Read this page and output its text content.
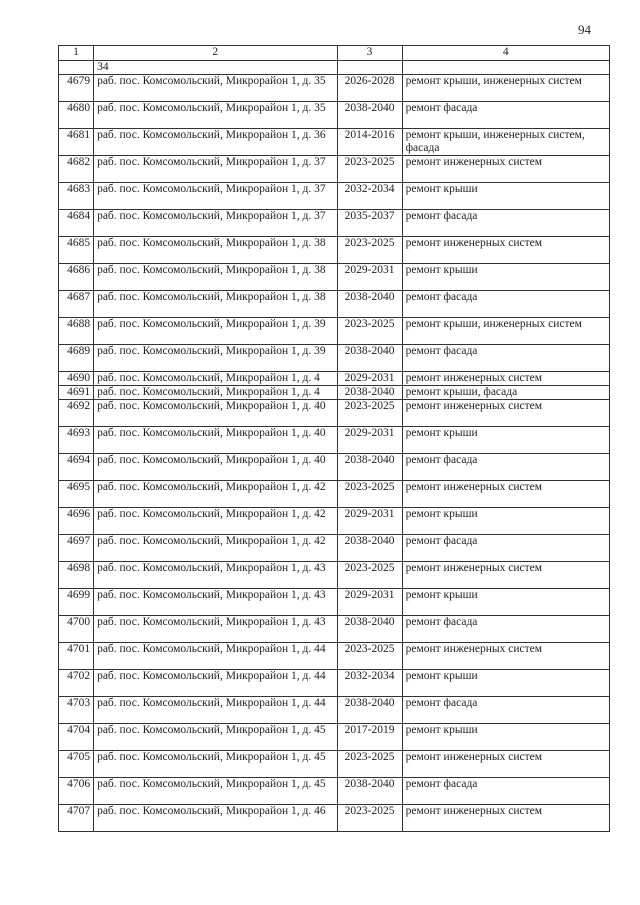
94
1	2	3	4
	34		
4679	раб. пос. Комсомольский, Микрорайон 1, д. 35	2026-2028	ремонт крыши, инженерных систем
4680	раб. пос. Комсомольский, Микрорайон 1, д. 35	2038-2040	ремонт фасада
4681	раб. пос. Комсомольский, Микрорайон 1, д. 36	2014-2016	ремонт крыши, инженерных систем, фасада
4682	раб. пос. Комсомольский, Микрорайон 1, д. 37	2023-2025	ремонт инженерных систем
4683	раб. пос. Комсомольский, Микрорайон 1, д. 37	2032-2034	ремонт крыши
4684	раб. пос. Комсомольский, Микрорайон 1, д. 37	2035-2037	ремонт фасада
4685	раб. пос. Комсомольский, Микрорайон 1, д. 38	2023-2025	ремонт инженерных систем
4686	раб. пос. Комсомольский, Микрорайон 1, д. 38	2029-2031	ремонт крыши
4687	раб. пос. Комсомольский, Микрорайон 1, д. 38	2038-2040	ремонт фасада
4688	раб. пос. Комсомольский, Микрорайон 1, д. 39	2023-2025	ремонт крыши, инженерных систем
4689	раб. пос. Комсомольский, Микрорайон 1, д. 39	2038-2040	ремонт фасада
4690	раб. пос. Комсомольский, Микрорайон 1, д. 4	2029-2031	ремонт инженерных систем
4691	раб. пос. Комсомольский, Микрорайон 1, д. 4	2038-2040	ремонт крыши, фасада
4692	раб. пос. Комсомольский, Микрорайон 1, д. 40	2023-2025	ремонт инженерных систем
4693	раб. пос. Комсомольский, Микрорайон 1, д. 40	2029-2031	ремонт крыши
4694	раб. пос. Комсомольский, Микрорайон 1, д. 40	2038-2040	ремонт фасада
4695	раб. пос. Комсомольский, Микрорайон 1, д. 42	2023-2025	ремонт инженерных систем
4696	раб. пос. Комсомольский, Микрорайон 1, д. 42	2029-2031	ремонт крыши
4697	раб. пос. Комсомольский, Микрорайон 1, д. 42	2038-2040	ремонт фасада
4698	раб. пос. Комсомольский, Микрорайон 1, д. 43	2023-2025	ремонт инженерных систем
4699	раб. пос. Комсомольский, Микрорайон 1, д. 43	2029-2031	ремонт крыши
4700	раб. пос. Комсомольский, Микрорайон 1, д. 43	2038-2040	ремонт фасада
4701	раб. пос. Комсомольский, Микрорайон 1, д. 44	2023-2025	ремонт инженерных систем
4702	раб. пос. Комсомольский, Микрорайон 1, д. 44	2032-2034	ремонт крыши
4703	раб. пос. Комсомольский, Микрорайон 1, д. 44	2038-2040	ремонт фасада
4704	раб. пос. Комсомольский, Микрорайон 1, д. 45	2017-2019	ремонт крыши
4705	раб. пос. Комсомольский, Микрорайон 1, д. 45	2023-2025	ремонт инженерных систем
4706	раб. пос. Комсомольский, Микрорайон 1, д. 45	2038-2040	ремонт фасада
4707	раб. пос. Комсомольский, Микрорайон 1, д. 46	2023-2025	ремонт инженерных систем
